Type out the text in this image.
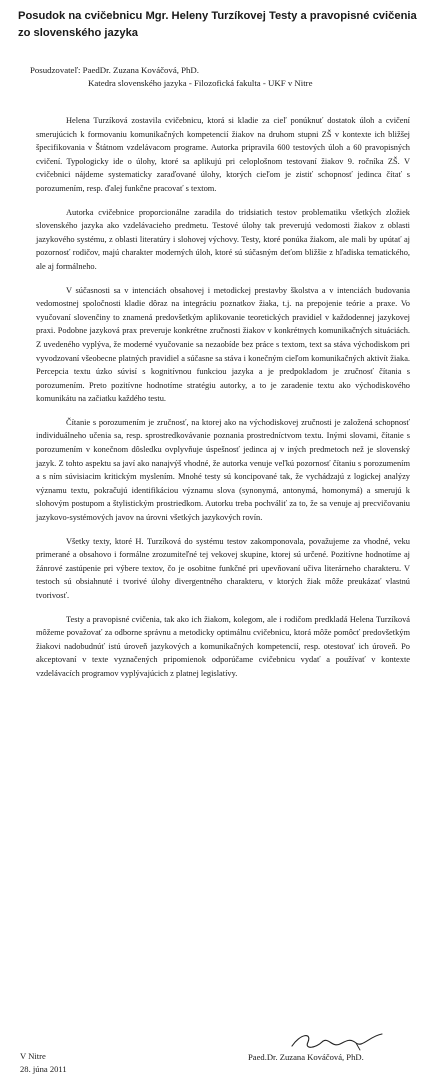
Posudok na cvičebnicu Mgr. Heleny Turzíkovej Testy a pravopisné cvičenia zo slovenského jazyka
Posudzovateľ: PaedDr. Zuzana Kováčová, PhD.
Katedra slovenského jazyka - Filozofická fakulta - UKF v Nitre

Helena Turzíková zostavila cvičebnicu, ktorá si kladie za cieľ ponúknuť dostatok úloh a cvičení smerujúcich k formovaniu komunikačných kompetencií žiakov na druhom stupni ZŠ v kontexte ich bližšej špecifikovania v Štátnom vzdelávacom programe. Autorka pripravila 600 testových úloh a 60 pravopisných cvičení. Typologicky ide o úlohy, ktoré sa aplikujú pri celoplošnom testovaní žiakov 9. ročníka ZŠ. V cvičebnici nájdeme systematicky zaraďované úlohy, ktorých cieľom je zistiť schopnosť jedinca čítať s porozumením, resp. ďalej funkčne pracovať s textom.

Autorka cvičebnice proporcionálne zaradila do tridsiatich testov problematiku všetkých zložiek slovenského jazyka ako vzdelávacieho predmetu. Testové úlohy tak preverujú vedomosti žiakov z oblasti jazykového systému, z oblasti literatúry i slohovej výchovy. Testy, ktoré ponúka žiakom, ale mali by upútať aj pozornosť rodičov, majú charakter moderných úloh, ktoré sú súčasným deťom bližšie z hľadiska tematického, ale aj formálneho.

V súčasnosti sa v intenciách obsahovej i metodickej prestavby školstva a v intenciách budovania vedomostnej spoločnosti kladie dôraz na integráciu poznatkov žiaka, t.j. na prepojenie teórie a praxe. Vo vyučovaní slovenčiny to znamená predovšetkým aplikovanie teoretických pravidiel v každodennej jazykovej praxi. Podobne jazyková prax preveruje konkrétne zručnosti žiakov v konkrétnych komunikačných situáciách. Z uvedeného vyplýva, že moderné vyučovanie sa nezaobíde bez práce s textom, text sa stáva východiskom pri vyvodzovaní všeobecne platných pravidiel a súčasne sa stáva i konečným cieľom komunikačných aktivít žiaka. Percepcia textu úzko súvisí s kognitívnou funkciou jazyka a je predpokladom je zručnosť čítania s porozumením. Preto pozitívne hodnotíme stratégiu autorky, a to je zaradenie textu ako východiskového komunikátu na začiatku každého testu.

Čítanie s porozumením je zručnosť, na ktorej ako na východiskovej zručnosti je založená schopnosť individuálneho učenia sa, resp. sprostredkovávanie poznania prostredníctvom textu. Inými slovami, čítanie s porozumením v konečnom dôsledku ovplyvňuje úspešnosť jedinca aj v iných predmetoch než je slovenský jazyk. Z tohto aspektu sa javí ako nanajvýš vhodné, že autorka venuje veľkú pozornosť čítaniu s porozumením a s ním súvisiacim kritickým myslením. Mnohé testy sú koncipované tak, že vychádzajú z logickej analýzy významu textu, pokračujú identifikáciou významu slova (synonymá, antonymá, homonymá) a smerujú k slohovým postupom a štylistickým prostriedkom. Autorku treba pochváliť za to, že sa venuje aj precvičovaniu jazykovo-systémových javov na úrovni všetkých jazykových rovín.

Všetky texty, ktoré H. Turzíková do systému testov zakomponovala, považujeme za vhodné, veku primerané a obsahovo i formálne zrozumiteľné tej vekovej skupine, ktorej sú určené. Pozitívne hodnotíme aj žánrové zastúpenie pri výbere textov, čo je osobitne funkčné pri upevňovaní učiva literárneho charakteru. V testoch sú obsiahnuté i tvorivé úlohy divergentného charakteru, v ktorých žiak môže preukázať vlastnú tvorivosť.

Testy a pravopisné cvičenia, tak ako ich žiakom, kolegom, ale i rodičom predkladá Helena Turzíková môžeme považovať za odborne správnu a metodicky optimálnu cvičebnicu, ktorá môže pomôcť predovšetkým žiakovi nadobudnúť istú úroveň jazykových a komunikačných kompetencií, resp. otestovať ich úroveň. Po akceptovaní v texte vyznačených pripomienok odporúčame cvičebnicu vydať a používať v kontexte vzdelávacích programov vyplývajúcich z platnej legislatívy.

V Nitre
28. júna 2011
Paed.Dr. Zuzana Kováčová, PhD.
